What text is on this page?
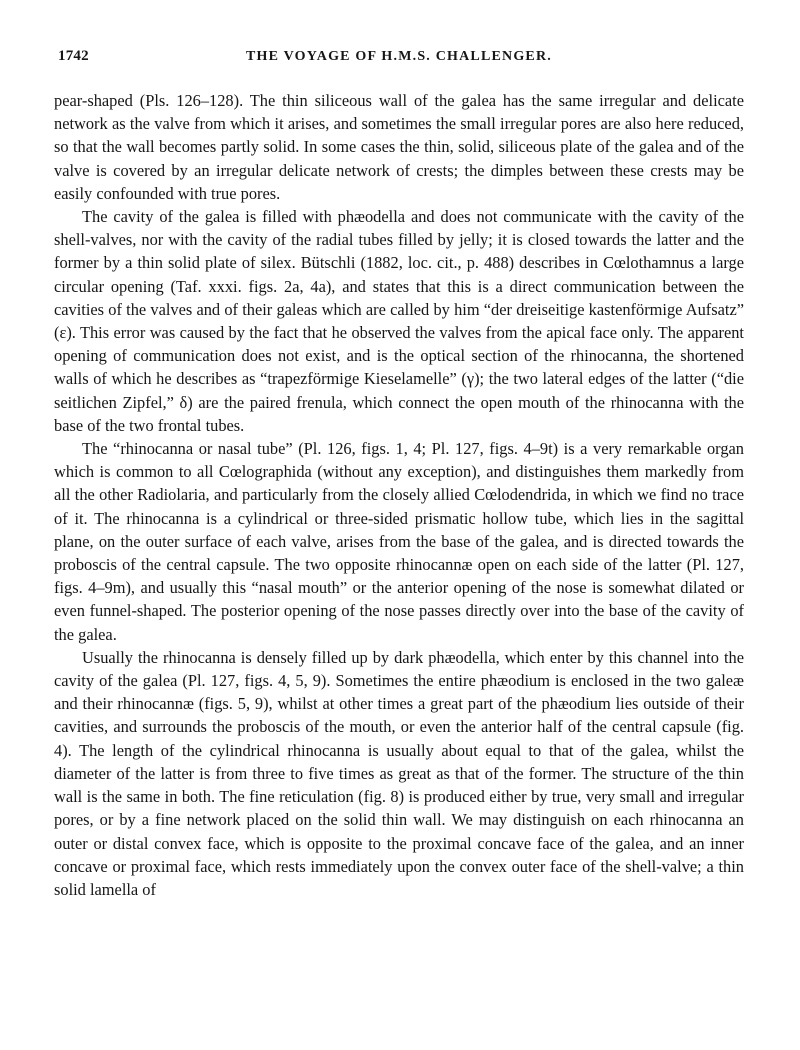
1742	THE VOYAGE OF H.M.S. CHALLENGER.

pear-shaped (Pls. 126–128). The thin siliceous wall of the galea has the same irregular and delicate network as the valve from which it arises, and sometimes the small irregular pores are also here reduced, so that the wall becomes partly solid. In some cases the thin, solid, siliceous plate of the galea and of the valve is covered by an irregular delicate network of crests; the dimples between these crests may be easily confounded with true pores.

The cavity of the galea is filled with phæodella and does not communicate with the cavity of the shell-valves, nor with the cavity of the radial tubes filled by jelly; it is closed towards the latter and the former by a thin solid plate of silex. Bütschli (1882, loc. cit., p. 488) describes in Cœlothamnus a large circular opening (Taf. xxxi. figs. 2a, 4a), and states that this is a direct communication between the cavities of the valves and of their galeas which are called by him “der dreiseitige kastenförmige Aufsatz” (ε). This error was caused by the fact that he observed the valves from the apical face only. The apparent opening of communication does not exist, and is the optical section of the rhinocanna, the shortened walls of which he describes as “trapezförmige Kieselamelle” (γ); the two lateral edges of the latter (“die seitlichen Zipfel,” δ) are the paired frenula, which connect the open mouth of the rhinocanna with the base of the two frontal tubes.

The “rhinocanna or nasal tube” (Pl. 126, figs. 1, 4; Pl. 127, figs. 4–9t) is a very remarkable organ which is common to all Cœlographida (without any exception), and distinguishes them markedly from all the other Radiolaria, and particularly from the closely allied Cœlodendrida, in which we find no trace of it. The rhinocanna is a cylindrical or three-sided prismatic hollow tube, which lies in the sagittal plane, on the outer surface of each valve, arises from the base of the galea, and is directed towards the proboscis of the central capsule. The two opposite rhinocannæ open on each side of the latter (Pl. 127, figs. 4–9m), and usually this “nasal mouth” or the anterior opening of the nose is somewhat dilated or even funnel-shaped. The posterior opening of the nose passes directly over into the base of the cavity of the galea.

Usually the rhinocanna is densely filled up by dark phæodella, which enter by this channel into the cavity of the galea (Pl. 127, figs. 4, 5, 9). Sometimes the entire phæodium is enclosed in the two galeæ and their rhinocannæ (figs. 5, 9), whilst at other times a great part of the phæodium lies outside of their cavities, and surrounds the proboscis of the mouth, or even the anterior half of the central capsule (fig. 4). The length of the cylindrical rhinocanna is usually about equal to that of the galea, whilst the diameter of the latter is from three to five times as great as that of the former. The structure of the thin wall is the same in both. The fine reticulation (fig. 8) is produced either by true, very small and irregular pores, or by a fine network placed on the solid thin wall. We may distinguish on each rhinocanna an outer or distal convex face, which is opposite to the proximal concave face of the galea, and an inner concave or proximal face, which rests immediately upon the convex outer face of the shell-valve; a thin solid lamella of
